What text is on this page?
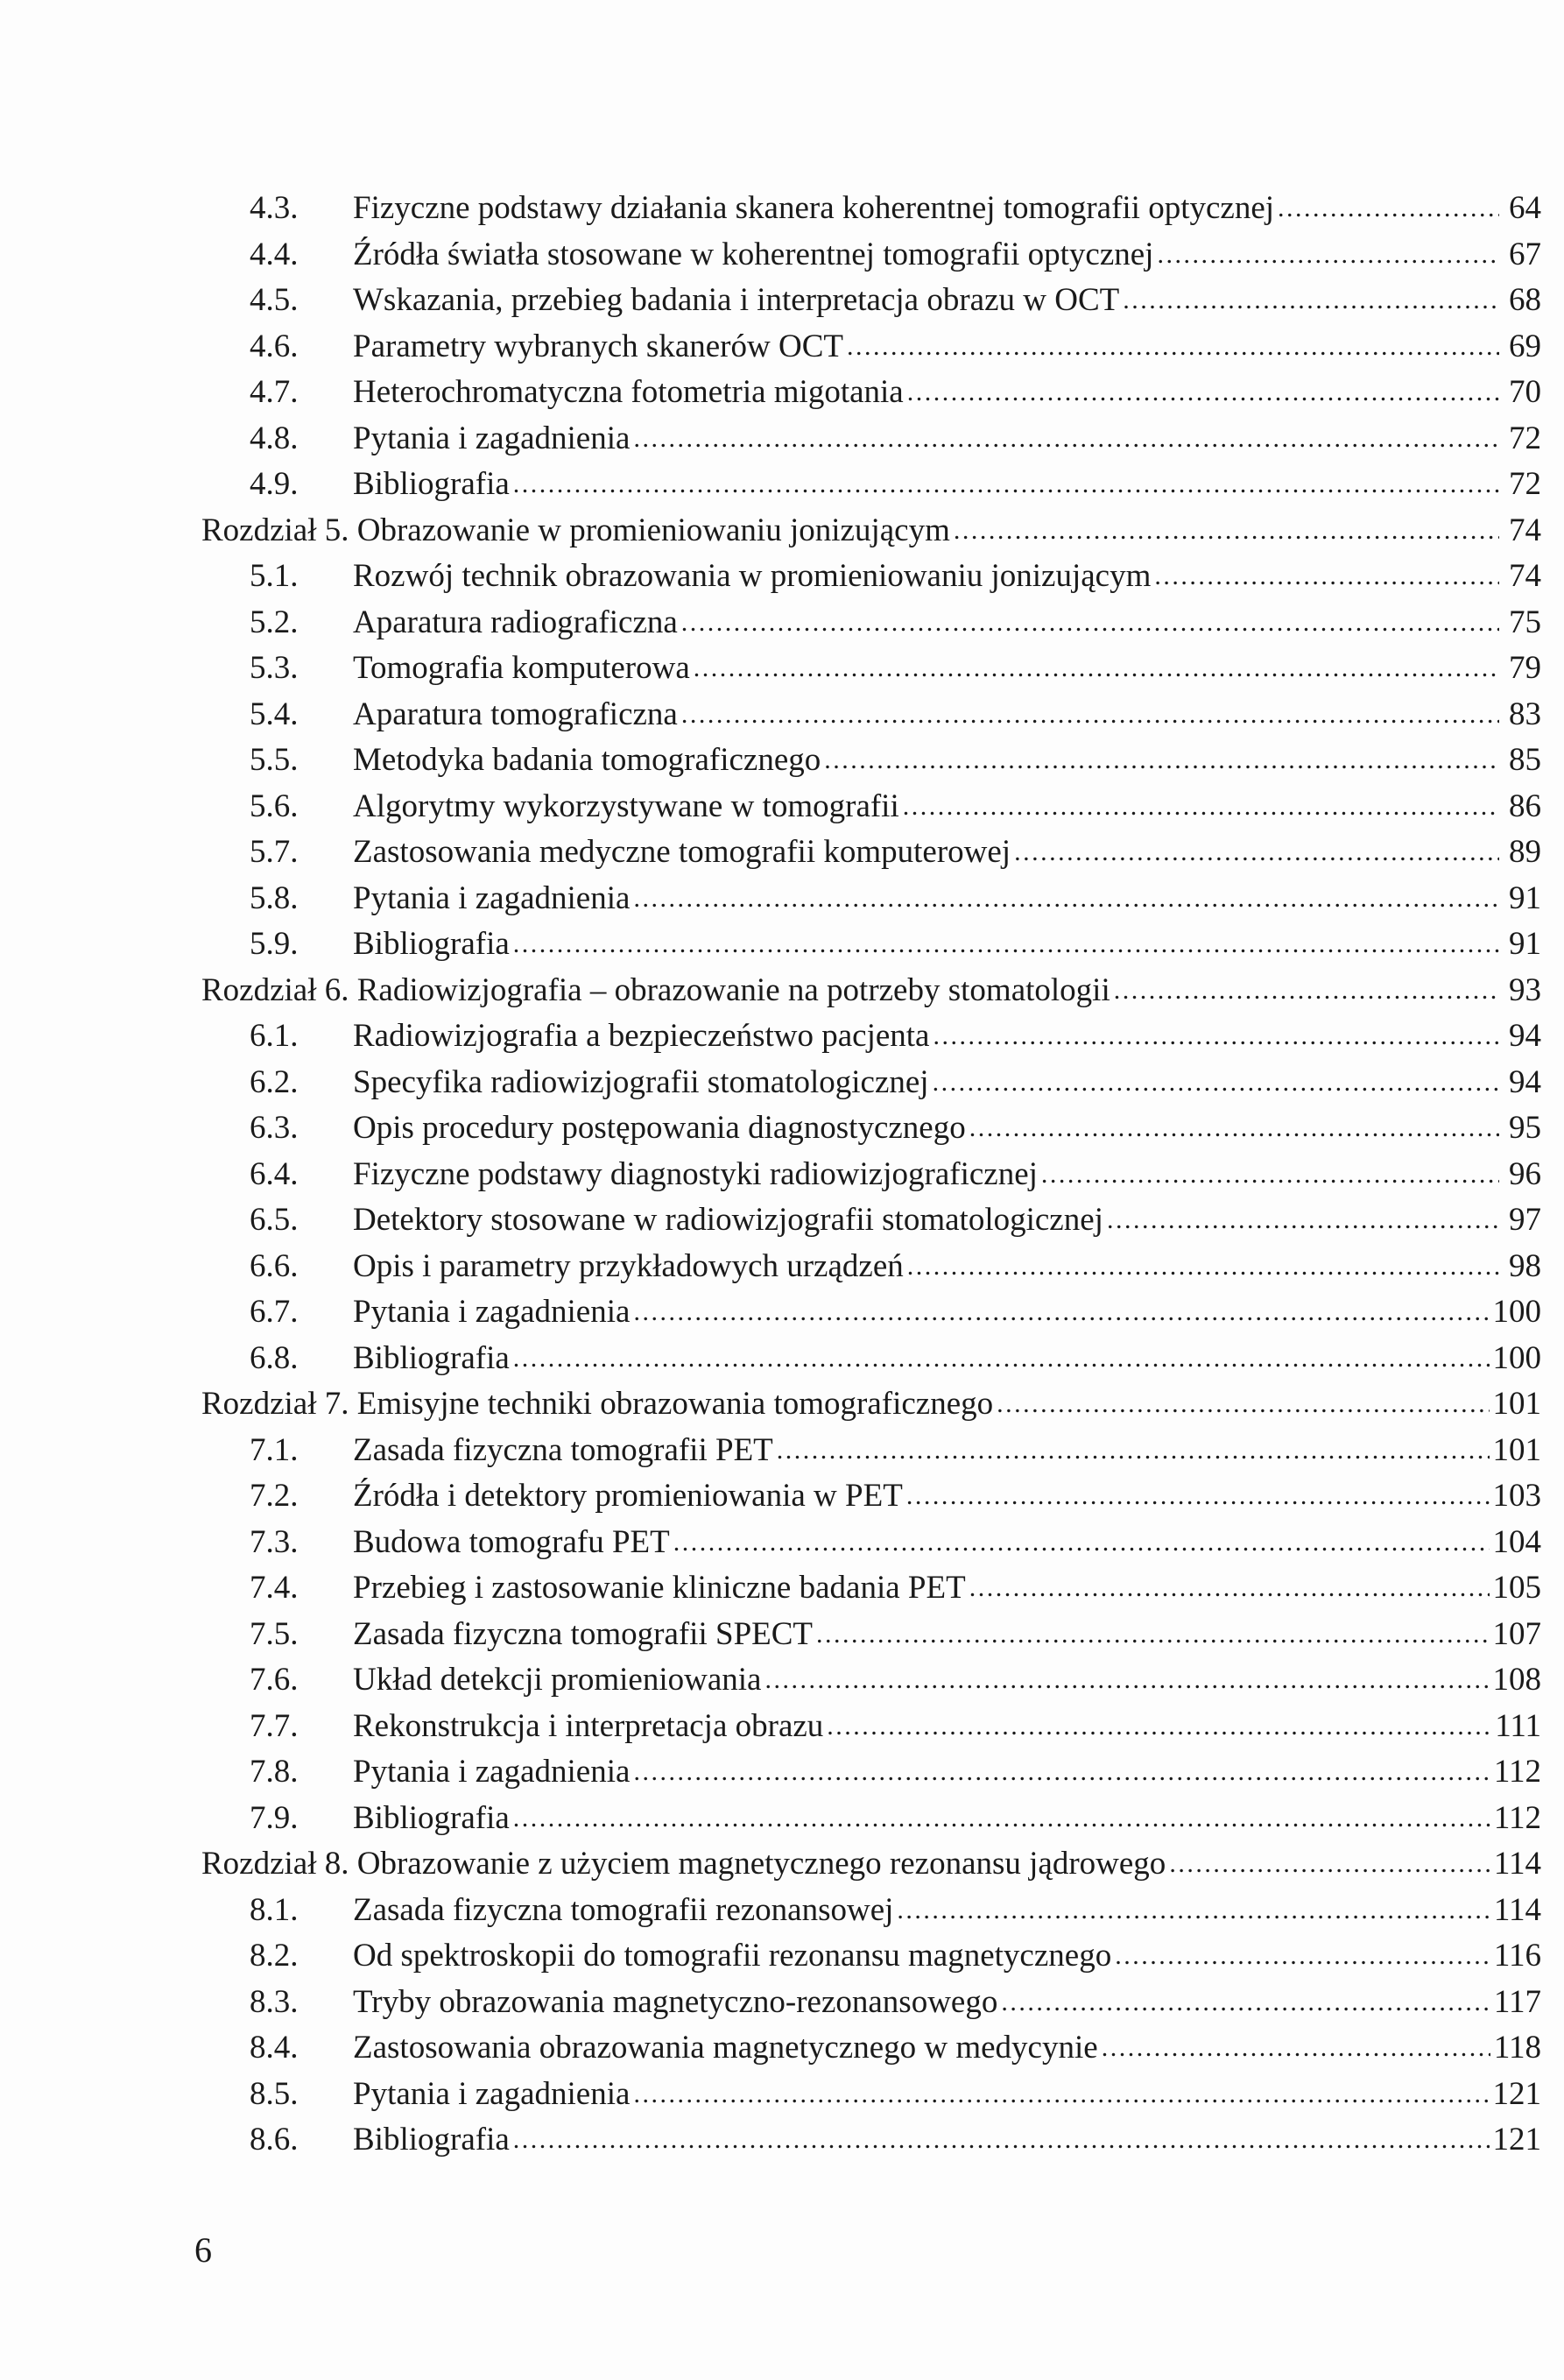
4.3. Fizyczne podstawy działania skanera koherentnej tomografii optycznej .....	64
4.4. Źródła światła stosowane w koherentnej tomografii optycznej .....	67
4.5. Wskazania, przebieg badania i interpretacja obrazu w OCT .....	68
4.6. Parametry wybranych skanerów OCT .....	69
4.7. Heterochromatyczna fotometria migotania .....	70
4.8. Pytania i zagadnienia .....	72
4.9. Bibliografia .....	72
Rozdział 5. Obrazowanie w promieniowaniu jonizującym .....	74
5.1. Rozwój technik obrazowania w promieniowaniu jonizującym .....	74
5.2. Aparatura radiograficzna .....	75
5.3. Tomografia komputerowa .....	79
5.4. Aparatura tomograficzna .....	83
5.5. Metodyka badania tomograficznego .....	85
5.6. Algorytmy wykorzystywane w tomografii .....	86
5.7. Zastosowania medyczne tomografii komputerowej .....	89
5.8. Pytania i zagadnienia .....	91
5.9. Bibliografia .....	91
Rozdział 6. Radiowizjografia – obrazowanie na potrzeby stomatologii .....	93
6.1. Radiowizjografia a bezpieczeństwo pacjenta .....	94
6.2. Specyfika radiowizjografii stomatologicznej .....	94
6.3. Opis procedury postępowania diagnostycznego .....	95
6.4. Fizyczne podstawy diagnostyki radiowizjograficznej .....	96
6.5. Detektory stosowane w radiowizjografii stomatologicznej .....	97
6.6. Opis i parametry przykładowych urządzeń .....	98
6.7. Pytania i zagadnienia .....	100
6.8. Bibliografia .....	100
Rozdział 7. Emisyjne techniki obrazowania tomograficznego .....	101
7.1. Zasada fizyczna tomografii PET .....	101
7.2. Źródła i detektory promieniowania w PET .....	103
7.3. Budowa tomografu PET .....	104
7.4. Przebieg i zastosowanie kliniczne badania PET .....	105
7.5. Zasada fizyczna tomografii SPECT .....	107
7.6. Układ detekcji promieniowania .....	108
7.7. Rekonstrukcja i interpretacja obrazu .....	111
7.8. Pytania i zagadnienia .....	112
7.9. Bibliografia .....	112
Rozdział 8. Obrazowanie z użyciem magnetycznego rezonansu jądrowego .....	114
8.1. Zasada fizyczna tomografii rezonansowej .....	114
8.2. Od spektroskopii do tomografii rezonansu magnetycznego .....	116
8.3. Tryby obrazowania magnetyczno-rezonansowego .....	117
8.4. Zastosowania obrazowania magnetycznego w medycynie .....	118
8.5. Pytania i zagadnienia .....	121
8.6. Bibliografia .....	121
6
